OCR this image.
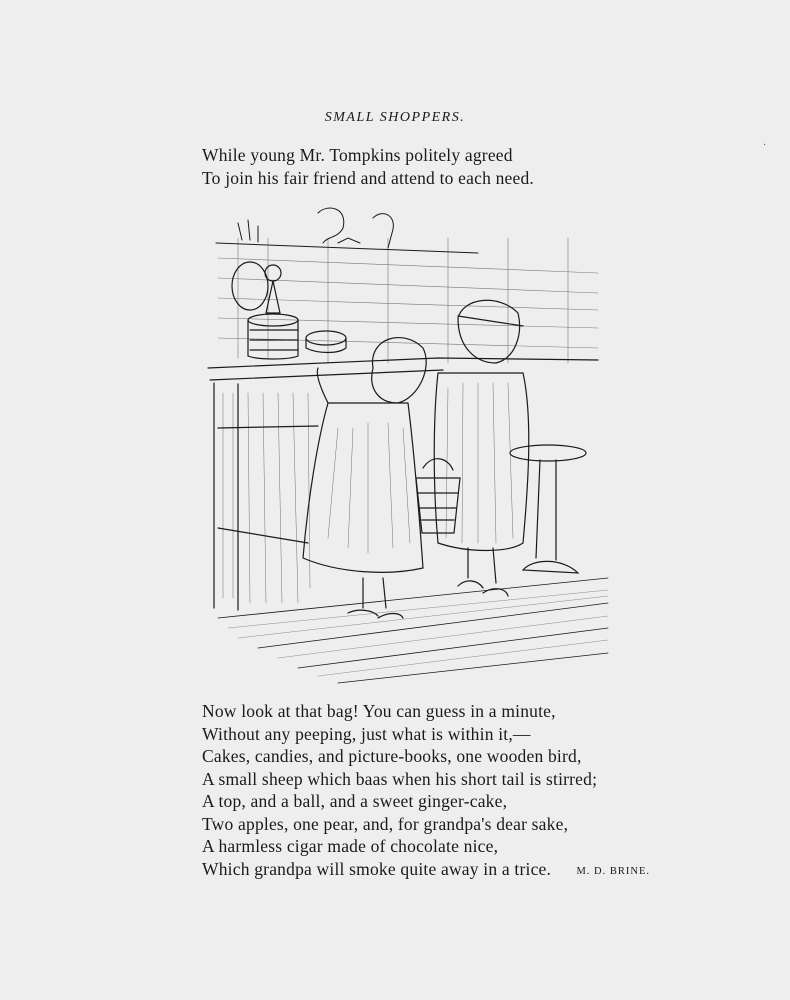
SMALL SHOPPERS.
While young Mr. Tompkins politely agreed
To join his fair friend and attend to each need.
Now look at that bag! You can guess in a minute,
Without any peeping, just what is within it,—
Cakes, candies, and picture-books, one wooden bird,
A small sheep which baas when his short tail is stirred;
A top, and a ball, and a sweet ginger-cake,
Two apples, one pear, and, for grandpa's dear sake,
A harmless cigar made of chocolate nice,
Which grandpa will smoke quite away in a trice.	M. D. BRINE.
·
